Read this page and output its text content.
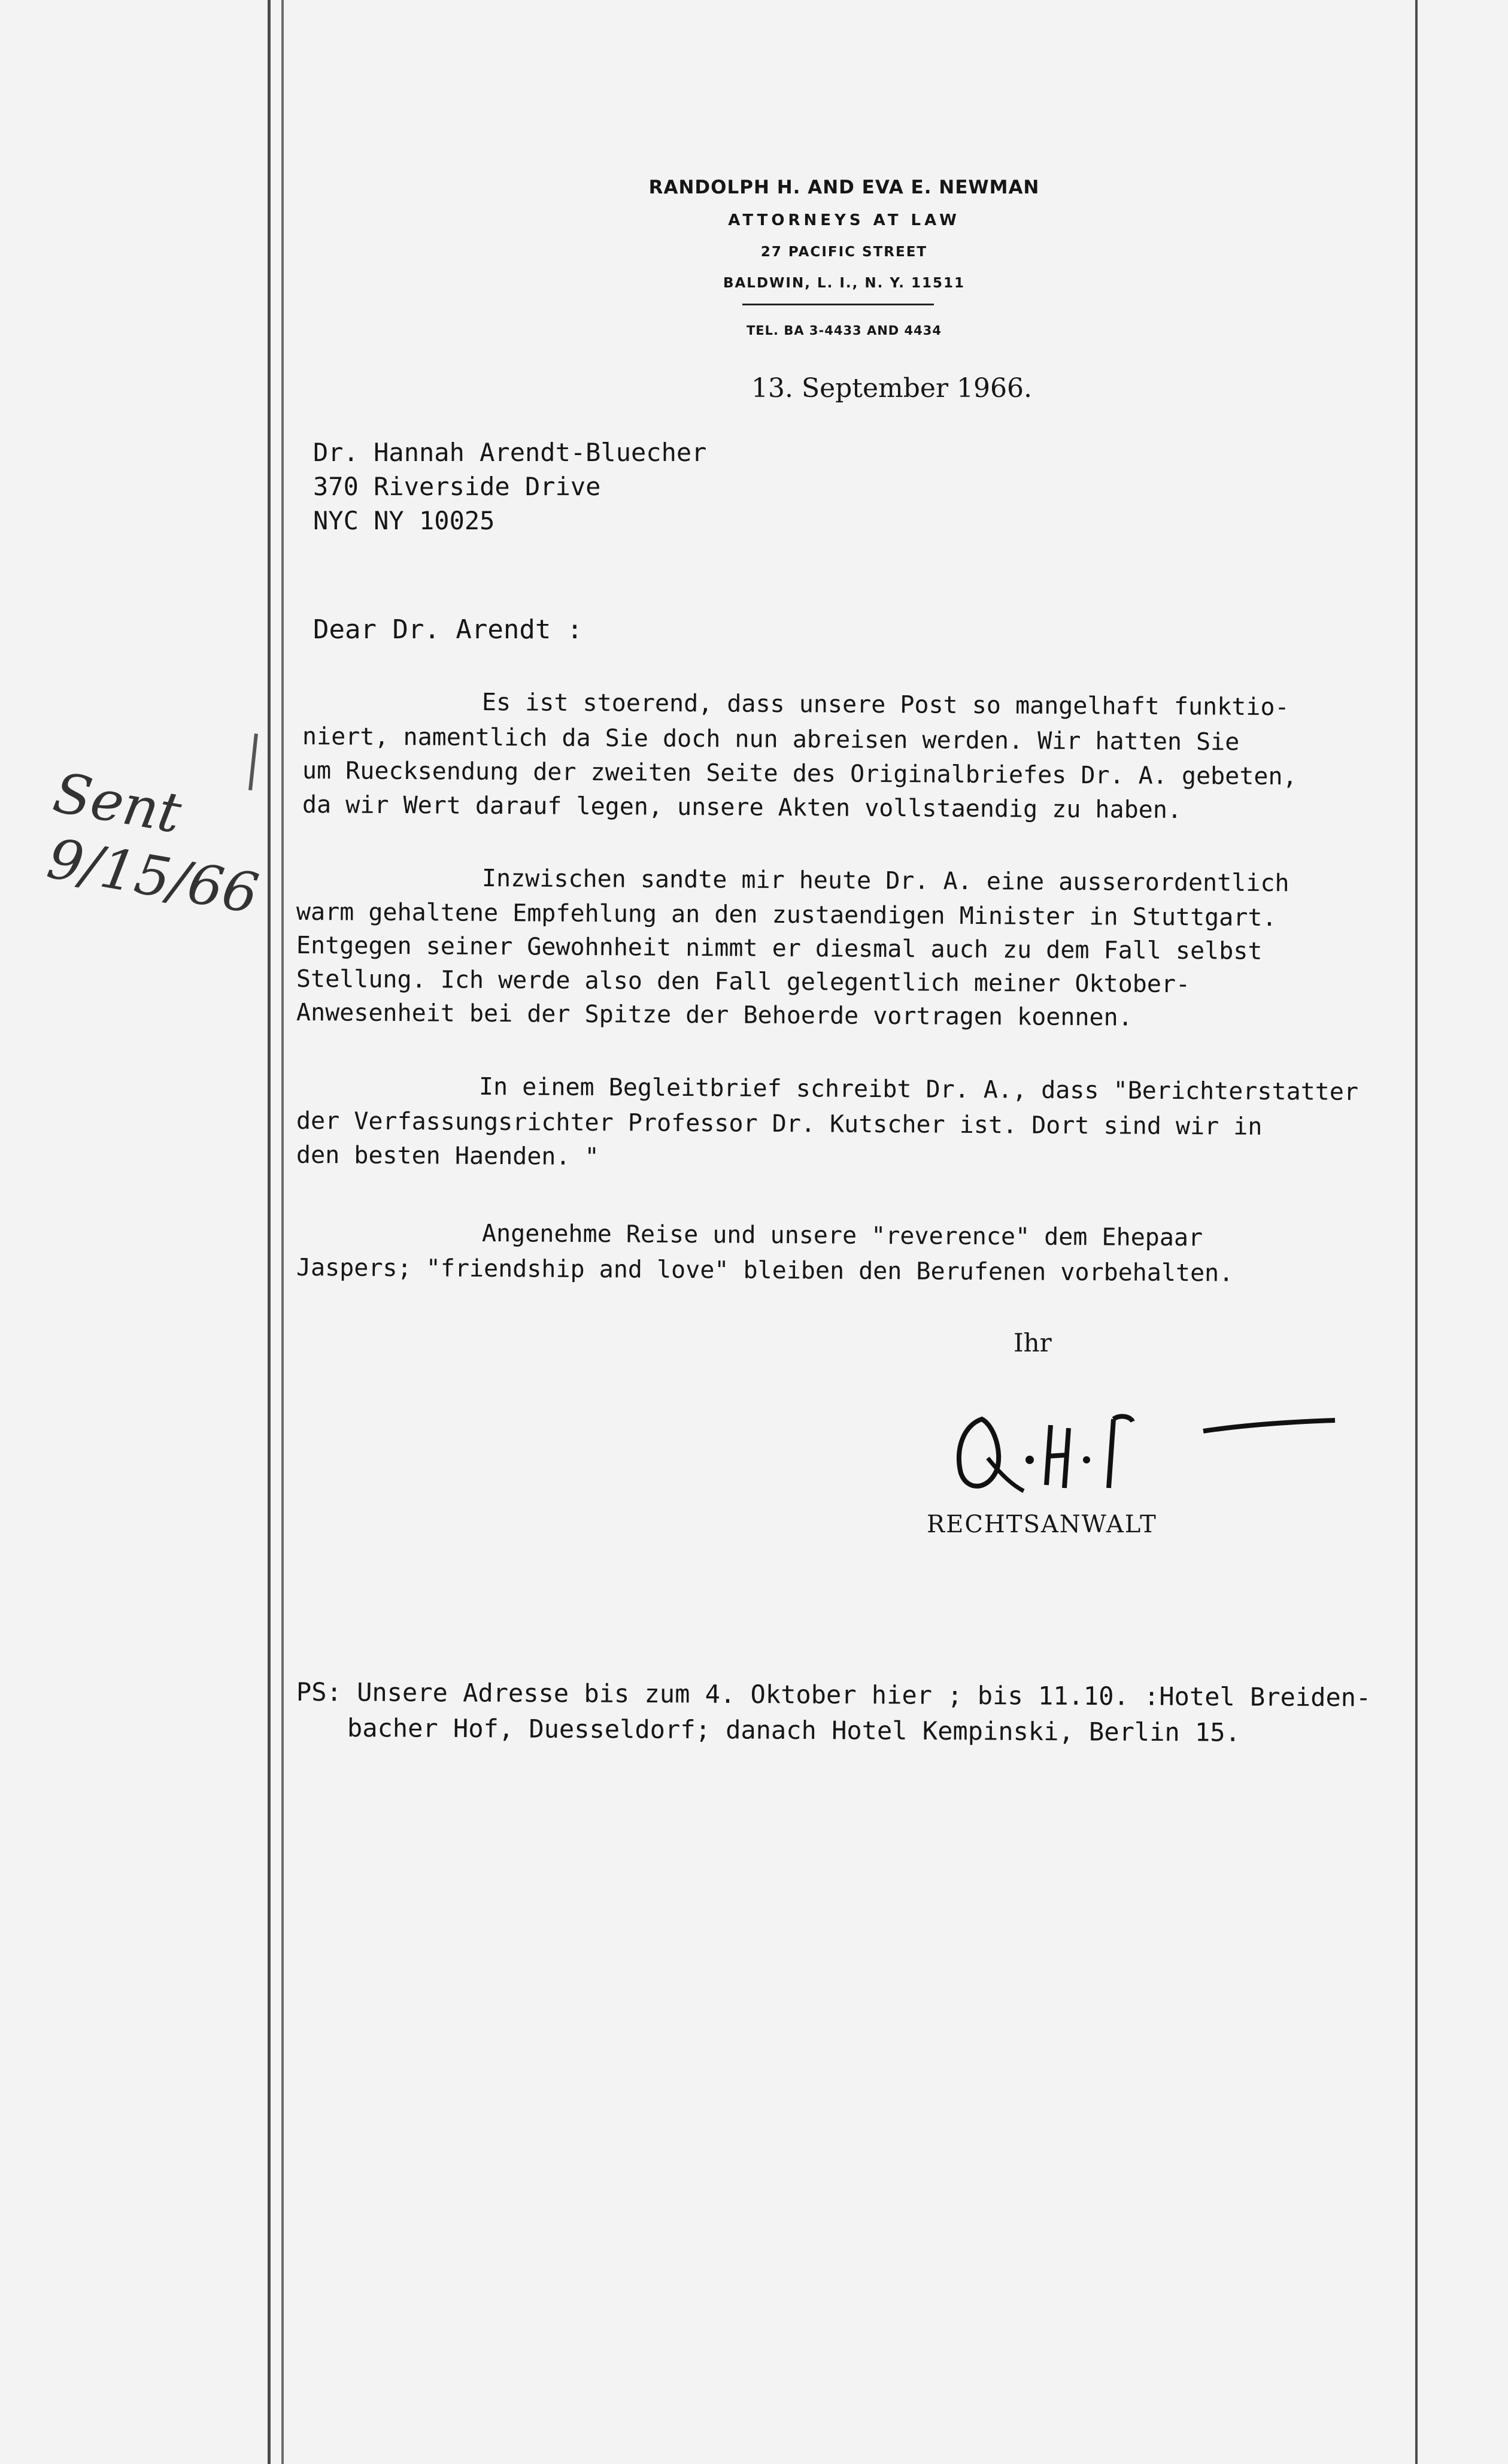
RANDOLPH H. AND EVA E. NEWMAN
ATTORNEYS AT LAW
27 PACIFIC STREET
BALDWIN, L. I., N. Y. 11511
TEL. BA 3-4433 AND 4434
13. September 1966.
Dr. Hannah Arendt-Bluecher
370 Riverside Drive
NYC NY 10025
Dear Dr. Arendt :
Es ist stoerend, dass unsere Post so mangelhaft funktio-
niert, namentlich da Sie doch nun abreisen werden. Wir hatten Sie
um Ruecksendung der zweiten Seite des Originalbriefes Dr. A. gebeten,
da wir Wert darauf legen, unsere Akten vollstaendig zu haben.
Inzwischen sandte mir heute Dr. A. eine ausserordentlich
warm gehaltene Empfehlung an den zustaendigen Minister in Stuttgart.
Entgegen seiner Gewohnheit nimmt er diesmal auch zu dem Fall selbst
Stellung. Ich werde also den Fall gelegentlich meiner Oktober-
Anwesenheit bei der Spitze der Behoerde vortragen koennen.
In einem Begleitbrief schreibt Dr. A., dass "Berichterstatter
der Verfassungsrichter Professor Dr. Kutscher ist. Dort sind wir in
den besten Haenden. "
Angenehme Reise und unsere "reverence" dem Ehepaar
Jaspers; "friendship and love" bleiben den Berufenen vorbehalten.
Ihr
RECHTSANWALT
PS: Unsere Adresse bis zum 4. Oktober hier ; bis 11.10. :Hotel Breiden-
bacher Hof, Duesseldorf; danach Hotel Kempinski, Berlin 15.
Sent
9/15/66
